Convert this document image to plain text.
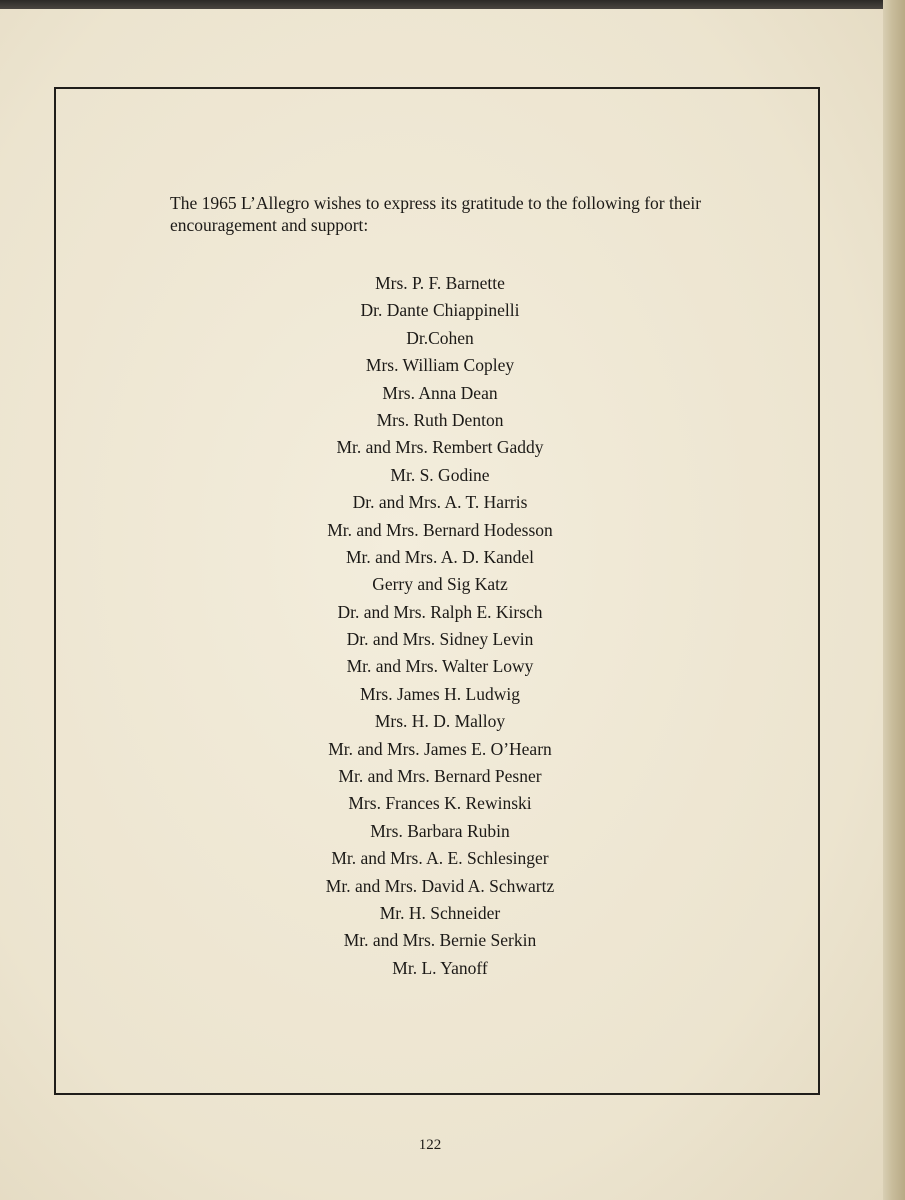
The 1965 L’Allegro wishes to express its gratitude to the following for their encouragement and support:

Mrs. P. F. Barnette
Dr. Dante Chiappinelli
Dr.Cohen
Mrs. William Copley
Mrs. Anna Dean
Mrs. Ruth Denton
Mr. and Mrs. Rembert Gaddy
Mr. S. Godine
Dr. and Mrs. A. T. Harris
Mr. and Mrs. Bernard Hodesson
Mr. and Mrs. A. D. Kandel
Gerry and Sig Katz
Dr. and Mrs. Ralph E. Kirsch
Dr. and Mrs. Sidney Levin
Mr. and Mrs. Walter Lowy
Mrs. James H. Ludwig
Mrs. H. D. Malloy
Mr. and Mrs. James E. O’Hearn
Mr. and Mrs. Bernard Pesner
Mrs. Frances K. Rewinski
Mrs. Barbara Rubin
Mr. and Mrs. A. E. Schlesinger
Mr. and Mrs. David A. Schwartz
Mr. H. Schneider
Mr. and Mrs. Bernie Serkin
Mr. L. Yanoff
122
